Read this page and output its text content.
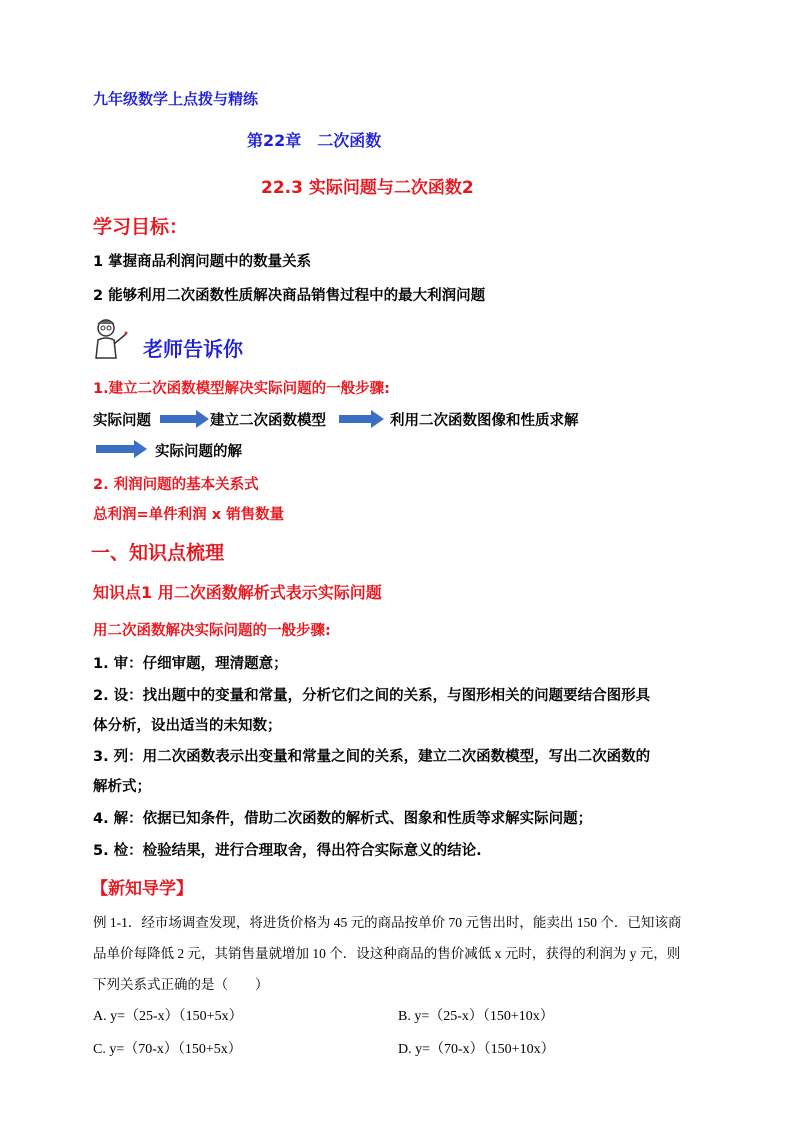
九年级数学上点拨与精练
第22章　二次函数
22.3 实际问题与二次函数2
学习目标：
1 掌握商品利润问题中的数量关系
2 能够利用二次函数性质解决商品销售过程中的最大利润问题
老师告诉你
1.建立二次函数模型解决实际问题的一般步骤:
实际问题	建立二次函数模型	利用二次函数图像和性质求解
实际问题的解
2. 利润问题的基本关系式
总利润=单件利润 x 销售数量
一、知识点梳理
知识点1 用二次函数解析式表示实际问题
用二次函数解决实际问题的一般步骤:
1. 审：仔细审题，理清题意；
2. 设：找出题中的变量和常量，分析它们之间的关系，与图形相关的问题要结合图形具
体分析，设出适当的未知数；
3. 列：用二次函数表示出变量和常量之间的关系，建立二次函数模型，写出二次函数的
解析式；
4. 解：依据已知条件，借助二次函数的解析式、图象和性质等求解实际问题；
5. 检：检验结果，进行合理取舍，得出符合实际意义的结论.
【新知导学】
例 1-1．经市场调查发现，将进货价格为 45 元的商品按单价 70 元售出时，能卖出 150 个．已知该商
品单价每降低 2 元，其销售量就增加 10 个．设这种商品的售价减低 x 元时，获得的利润为 y 元，则
下列关系式正确的是（　　）
A. y=（25-x）（150+5x）	B. y=（25-x）（150+10x）
C. y=（70-x）（150+5x）	D. y=（70-x）（150+10x）
